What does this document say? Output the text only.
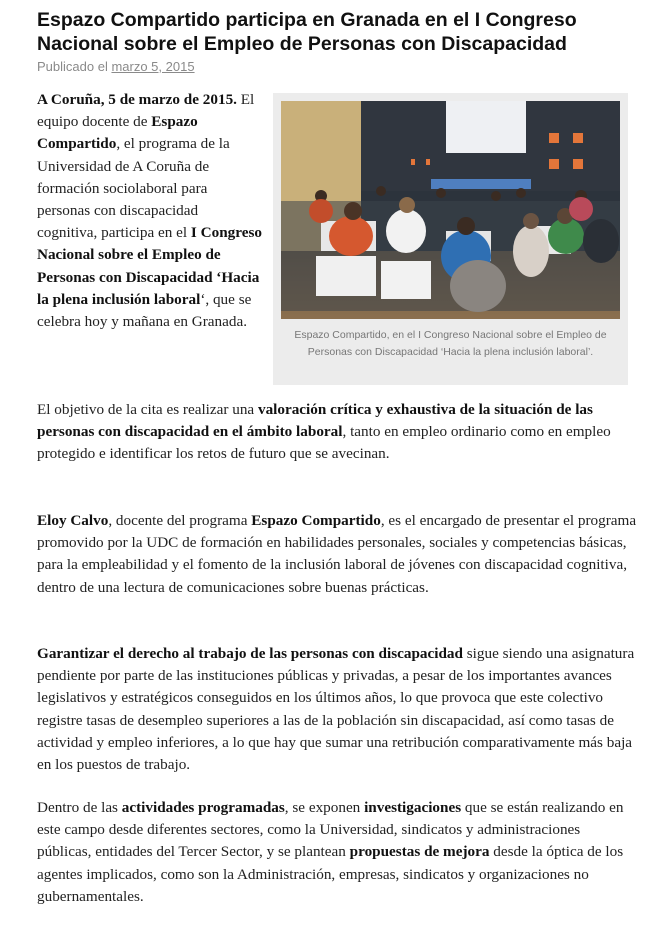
Espazo Compartido participa en Granada en el I Congreso Nacional sobre el Empleo de Personas con Discapacidad
Publicado el marzo 5, 2015
A Coruña, 5 de marzo de 2015. El equipo docente de Espazo Compartido, el programa de la Universidad de A Coruña de formación sociolaboral para personas con discapacidad cognitiva, participa en el I Congreso Nacional sobre el Empleo de Personas con Discapacidad ‘Hacia la plena inclusión laboral‘, que se celebra hoy y mañana en Granada.
Espazo Compartido, en el I Congreso Nacional sobre el Empleo de Personas con Discapacidad ‘Hacia la plena inclusión laboral’.
El objetivo de la cita es realizar una valoración crítica y exhaustiva de la situación de las personas con discapacidad en el ámbito laboral, tanto en empleo ordinario como en empleo protegido e identificar los retos de futuro que se avecinan.
Eloy Calvo, docente del programa Espazo Compartido, es el encargado de presentar el programa promovido por la UDC de formación en habilidades personales, sociales y competencias básicas, para la empleabilidad y el fomento de la inclusión laboral de jóvenes con discapacidad cognitiva, dentro de una lectura de comunicaciones sobre buenas prácticas.
Garantizar el derecho al trabajo de las personas con discapacidad sigue siendo una asignatura pendiente por parte de las instituciones públicas y privadas, a pesar de los importantes avances legislativos y estratégicos conseguidos en los últimos años, lo que provoca que este colectivo registre tasas de desempleo superiores a las de la población sin discapacidad, así como tasas de actividad y empleo inferiores, a lo que hay que sumar una retribución comparativamente más baja en los puestos de trabajo.
Dentro de las actividades programadas, se exponen investigaciones que se están realizando en este campo desde diferentes sectores, como la Universidad, sindicatos y administraciones públicas, entidades del Tercer Sector, y se plantean propuestas de mejora desde la óptica de los agentes implicados, como son la Administración, empresas, sindicatos y organizaciones no gubernamentales.
